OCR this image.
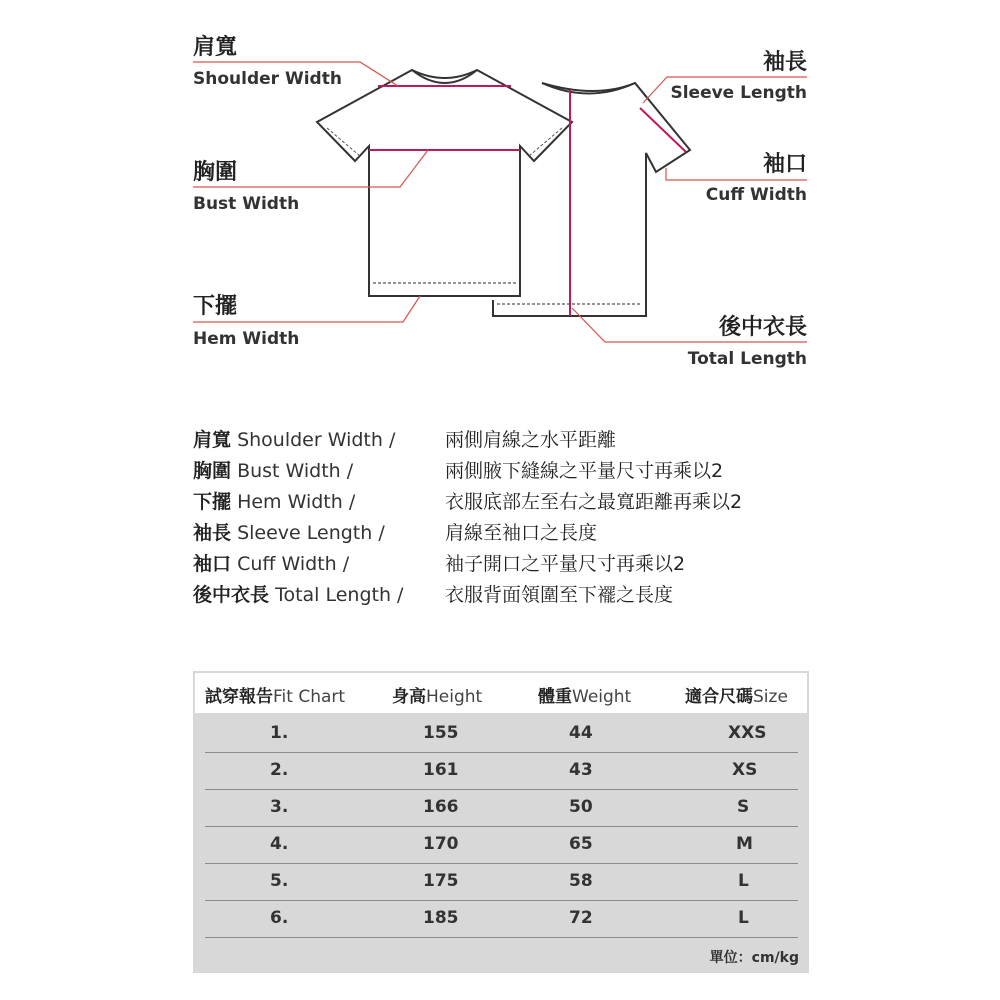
肩寬
Shoulder Width
胸圍
Bust Width
下擺
Hem Width
袖長
Sleeve Length
袖口
Cuff Width
後中衣長
Total Length
肩寬 Shoulder Width /	兩側肩線之水平距離
胸圍 Bust Width /	兩側腋下縫線之平量尺寸再乘以2
下擺 Hem Width /	衣服底部左至右之最寬距離再乘以2
袖長 Sleeve Length /	肩線至袖口之長度
袖口 Cuff Width /	袖子開口之平量尺寸再乘以2
後中衣長 Total Length / 衣服背面領圍至下襬之長度
試穿報告Fit Chart	身高Height	體重Weight	適合尺碼Size
1.	155	44	XXS
2.	161	43	XS
3.	166	50	S
4.	170	65	M
5.	175	58	L
6.	185	72	L
單位：cm/kg
